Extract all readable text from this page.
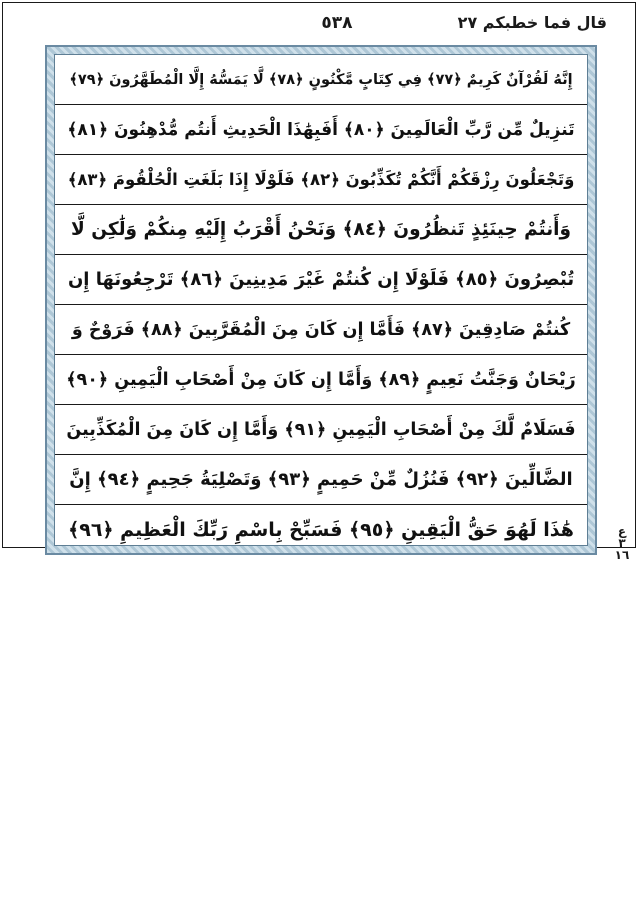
٥٣٨	قال فما خطبكم ٢٧
إِنَّهُ لَقُرْآنٌ كَرِيمٌ ﴿٧٧﴾ فِي كِتَابٍ مَّكْنُونٍ ﴿٧٨﴾ لَّا يَمَسُّهُ إِلَّا الْمُطَهَّرُونَ ﴿٧٩﴾
تَنزِيلٌ مِّن رَّبِّ الْعَالَمِينَ ﴿٨٠﴾ أَفَبِهَٰذَا الْحَدِيثِ أَنتُم مُّدْهِنُونَ ﴿٨١﴾
وَتَجْعَلُونَ رِزْقَكُمْ أَنَّكُمْ تُكَذِّبُونَ ﴿٨٢﴾ فَلَوْلَا إِذَا بَلَغَتِ الْحُلْقُومَ ﴿٨٣﴾
وَأَنتُمْ حِينَئِذٍ تَنظُرُونَ ﴿٨٤﴾ وَنَحْنُ أَقْرَبُ إِلَيْهِ مِنكُمْ وَلَٰكِن لَّا
تُبْصِرُونَ ﴿٨٥﴾ فَلَوْلَا إِن كُنتُمْ غَيْرَ مَدِينِينَ ﴿٨٦﴾ تَرْجِعُونَهَا إِن
كُنتُمْ صَادِقِينَ ﴿٨٧﴾ فَأَمَّا إِن كَانَ مِنَ الْمُقَرَّبِينَ ﴿٨٨﴾ فَرَوْحٌ وَ
رَيْحَانٌ وَجَنَّتُ نَعِيمٍ ﴿٨٩﴾ وَأَمَّا إِن كَانَ مِنْ أَصْحَابِ الْيَمِينِ ﴿٩٠﴾
فَسَلَامٌ لَّكَ مِنْ أَصْحَابِ الْيَمِينِ ﴿٩١﴾ وَأَمَّا إِن كَانَ مِنَ الْمُكَذِّبِينَ
الضَّالِّينَ ﴿٩٢﴾ فَنُزُلٌ مِّنْ حَمِيمٍ ﴿٩٣﴾ وَتَصْلِيَةُ جَحِيمٍ ﴿٩٤﴾ إِنَّ
هَٰذَا لَهُوَ حَقُّ الْيَقِينِ ﴿٩٥﴾ فَسَبِّحْ بِاسْمِ رَبِّكَ الْعَظِيمِ ﴿٩٦﴾	ع
٣
١٦
